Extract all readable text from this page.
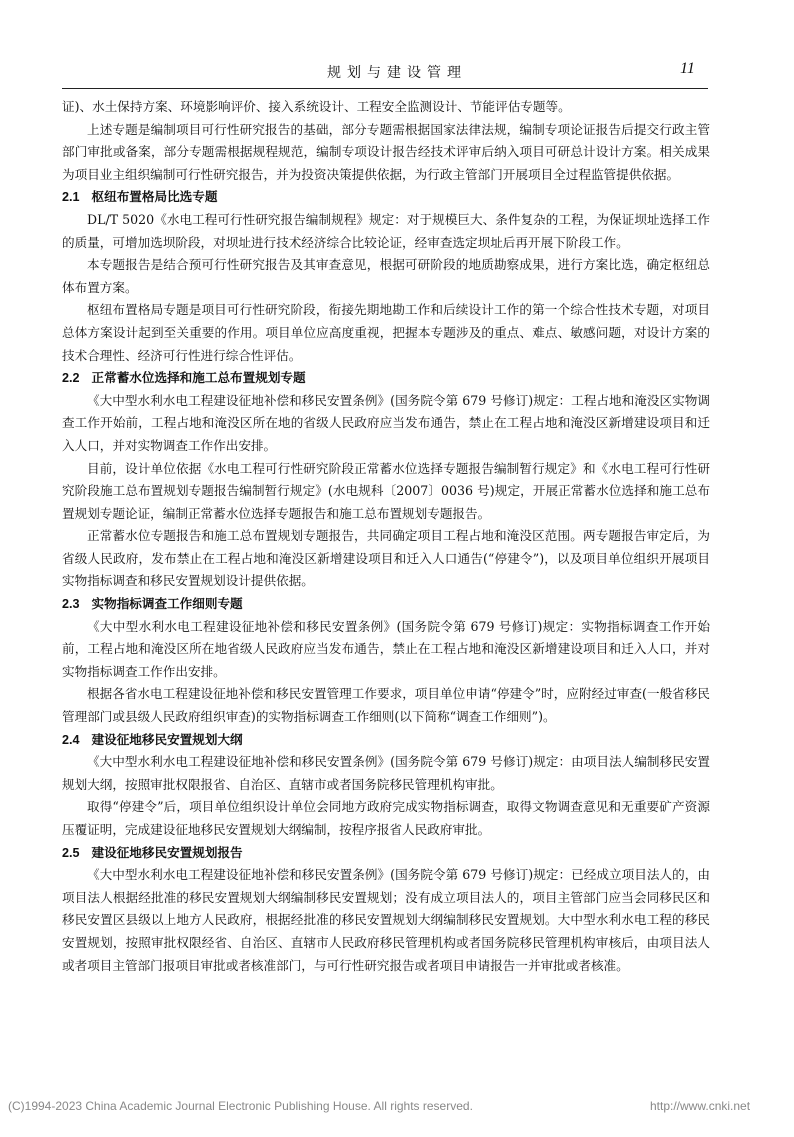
规划与建设管理	11

证)、水土保持方案、环境影响评价、接入系统设计、工程安全监测设计、节能评估专题等。

上述专题是编制项目可行性研究报告的基础，部分专题需根据国家法律法规，编制专项论证报告后提交行政主管部门审批或备案，部分专题需根据规程规范，编制专项设计报告经技术评审后纳入项目可研总计设计方案。相关成果为项目业主组织编制可行性研究报告，并为投资决策提供依据，为行政主管部门开展项目全过程监管提供依据。

2.1 枢纽布置格局比选专题

DL/T 5020《水电工程可行性研究报告编制规程》规定：对于规模巨大、条件复杂的工程，为保证坝址选择工作的质量，可增加选坝阶段，对坝址进行技术经济综合比较论证，经审查选定坝址后再开展下阶段工作。

本专题报告是结合预可行性研究报告及其审查意见，根据可研阶段的地质勘察成果，进行方案比选，确定枢纽总体布置方案。

枢纽布置格局专题是项目可行性研究阶段，衔接先期地勘工作和后续设计工作的第一个综合性技术专题，对项目总体方案设计起到至关重要的作用。项目单位应高度重视，把握本专题涉及的重点、难点、敏感问题，对设计方案的技术合理性、经济可行性进行综合性评估。

2.2 正常蓄水位选择和施工总布置规划专题

《大中型水利水电工程建设征地补偿和移民安置条例》(国务院令第 679 号修订)规定：工程占地和淹没区实物调查工作开始前，工程占地和淹没区所在地的省级人民政府应当发布通告，禁止在工程占地和淹没区新增建设项目和迁入人口，并对实物调查工作作出安排。

目前，设计单位依据《水电工程可行性研究阶段正常蓄水位选择专题报告编制暂行规定》和《水电工程可行性研究阶段施工总布置规划专题报告编制暂行规定》(水电规科〔2007〕0036 号)规定，开展正常蓄水位选择和施工总布置规划专题论证，编制正常蓄水位选择专题报告和施工总布置规划专题报告。

正常蓄水位专题报告和施工总布置规划专题报告，共同确定项目工程占地和淹没区范围。两专题报告审定后，为省级人民政府，发布禁止在工程占地和淹没区新增建设项目和迁入人口通告(“停建令”)，以及项目单位组织开展项目实物指标调查和移民安置规划设计提供依据。

2.3 实物指标调查工作细则专题

《大中型水利水电工程建设征地补偿和移民安置条例》(国务院令第 679 号修订)规定：实物指标调查工作开始前，工程占地和淹没区所在地省级人民政府应当发布通告，禁止在工程占地和淹没区新增建设项目和迁入人口，并对实物指标调查工作作出安排。

根据各省水电工程建设征地补偿和移民安置管理工作要求，项目单位申请“停建令”时，应附经过审查(一般省移民管理部门或县级人民政府组织审查)的实物指标调查工作细则(以下简称“调查工作细则”)。

2.4 建设征地移民安置规划大纲

《大中型水利水电工程建设征地补偿和移民安置条例》(国务院令第 679 号修订)规定：由项目法人编制移民安置规划大纲，按照审批权限报省、自治区、直辖市或者国务院移民管理机构审批。

取得“停建令”后，项目单位组织设计单位会同地方政府完成实物指标调查，取得文物调查意见和无重要矿产资源压覆证明，完成建设征地移民安置规划大纲编制，按程序报省人民政府审批。

2.5 建设征地移民安置规划报告

《大中型水利水电工程建设征地补偿和移民安置条例》(国务院令第 679 号修订)规定：已经成立项目法人的，由项目法人根据经批准的移民安置规划大纲编制移民安置规划；没有成立项目法人的，项目主管部门应当会同移民区和移民安置区县级以上地方人民政府，根据经批准的移民安置规划大纲编制移民安置规划。大中型水利水电工程的移民安置规划，按照审批权限经省、自治区、直辖市人民政府移民管理机构或者国务院移民管理机构审核后，由项目法人或者项目主管部门报项目审批或者核准部门，与可行性研究报告或者项目申请报告一并审批或者核准。

(C)1994-2023 China Academic Journal Electronic Publishing House. All rights reserved.	http://www.cnki.net
